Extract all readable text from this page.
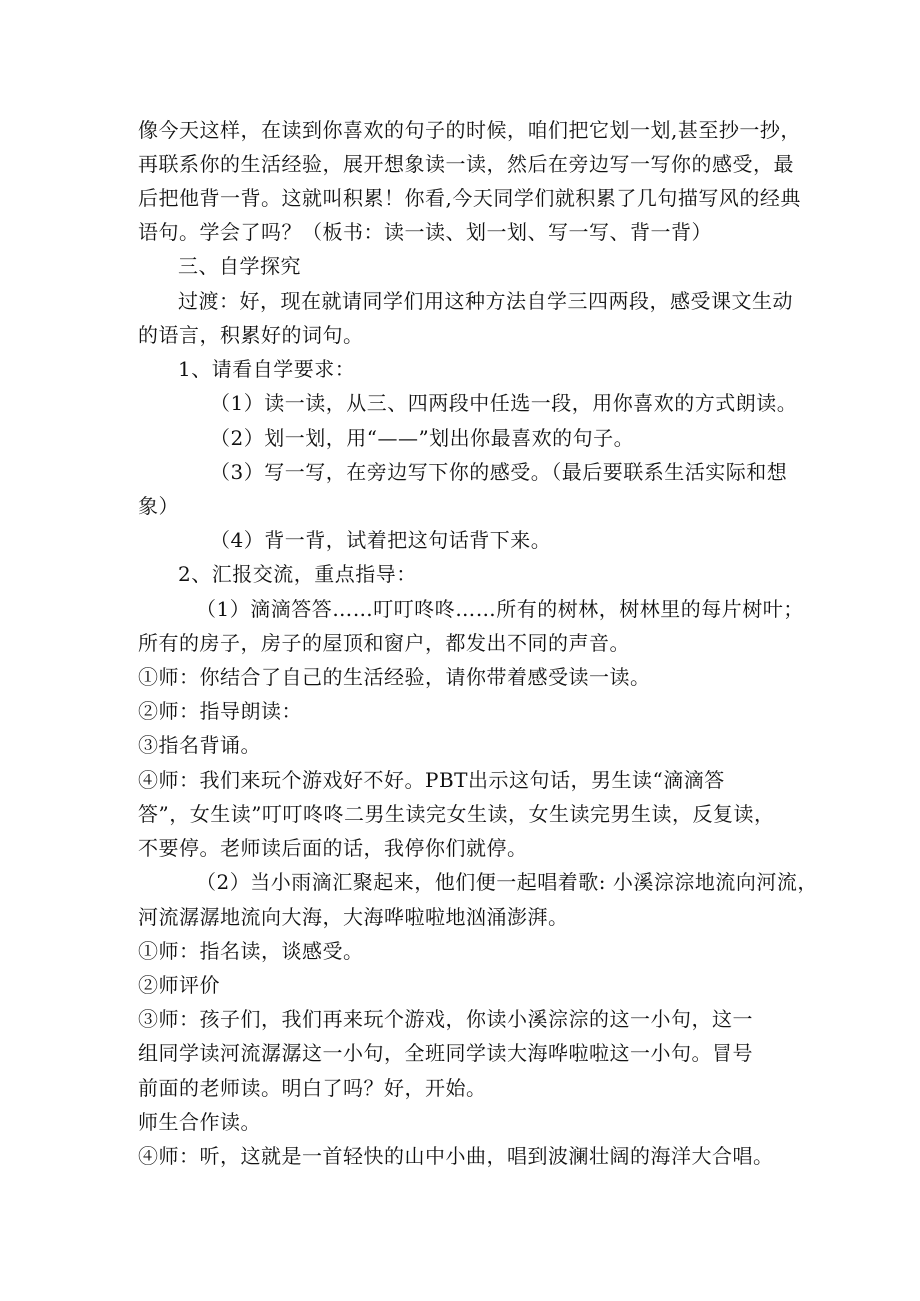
像今天这样，在读到你喜欢的句子的时候，咱们把它划一划,甚至抄一抄，
再联系你的生活经验，展开想象读一读，然后在旁边写一写你的感受，最
后把他背一背。这就叫积累！你看,今天同学们就积累了几句描写风的经典
语句。学会了吗？（板书：读一读、划一划、写一写、背一背）
三、自学探究
过渡：好，现在就请同学们用这种方法自学三四两段，感受课文生动
的语言，积累好的词句。
1、请看自学要求：
（1）读一读，从三、四两段中任选一段，用你喜欢的方式朗读。
（2）划一划，用“——”划出你最喜欢的句子。
（3）写一写，在旁边写下你的感受。（最后要联系生活实际和想
象）
（4）背一背，试着把这句话背下来。
2、汇报交流，重点指导：
（1）滴滴答答……叮叮咚咚……所有的树林，树林里的每片树叶；
所有的房子，房子的屋顶和窗户，都发出不同的声音。
①师：你结合了自己的生活经验，请你带着感受读一读。
②师：指导朗读：
③指名背诵。
④师：我们来玩个游戏好不好。PBT出示这句话，男生读“滴滴答
答”，女生读”叮叮咚咚二男生读完女生读，女生读完男生读，反复读，
不要停。老师读后面的话，我停你们就停。
（2）当小雨滴汇聚起来，他们便一起唱着歌: 小溪淙淙地流向河流，
河流潺潺地流向大海，大海哗啦啦地汹涌澎湃。
①师：指名读，谈感受。
②师评价
③师：孩子们，我们再来玩个游戏，你读小溪淙淙的这一小句，这一
组同学读河流潺潺这一小句，全班同学读大海哗啦啦这一小句。冒号
前面的老师读。明白了吗？好，开始。
师生合作读。
④师：听，这就是一首轻快的山中小曲，唱到波澜壮阔的海洋大合唱。
